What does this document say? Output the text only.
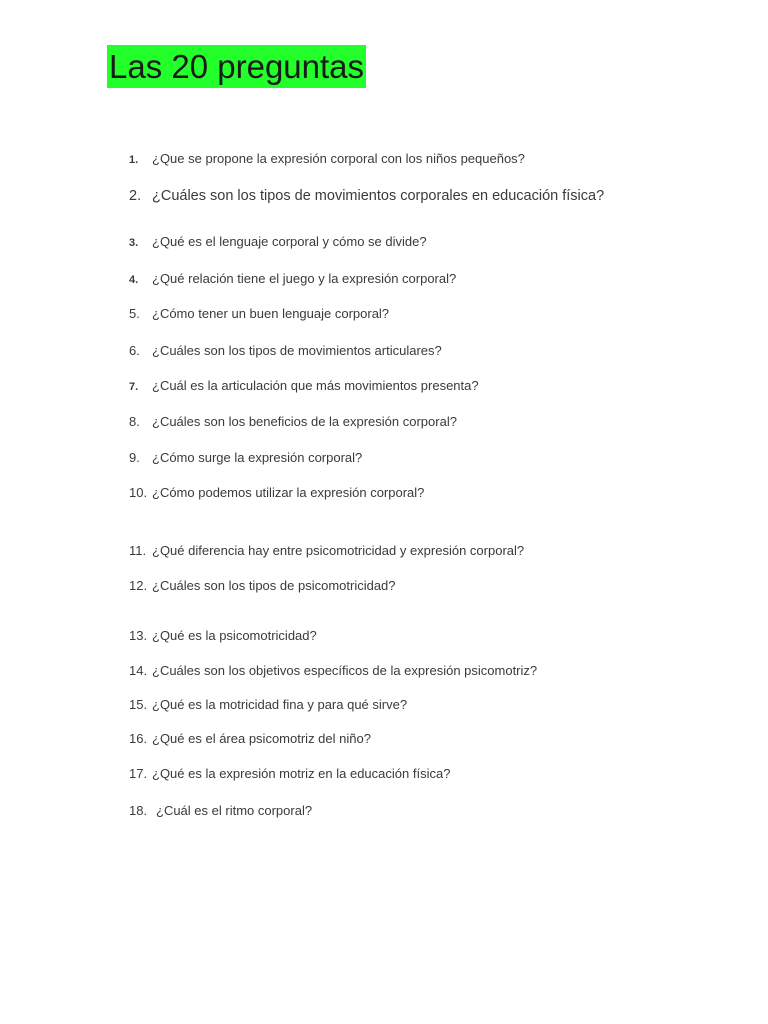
Las 20 preguntas
1. ¿Que se propone la expresión corporal con los niños pequeños?
2. ¿Cuáles son los tipos de movimientos corporales en educación física?
3. ¿Qué es el lenguaje corporal y cómo se divide?
4. ¿Qué relación tiene el juego y la expresión corporal?
5. ¿Cómo tener un buen lenguaje corporal?
6. ¿Cuáles son los tipos de movimientos articulares?
7. ¿Cuál es la articulación que más movimientos presenta?
8. ¿Cuáles son los beneficios de la expresión corporal?
9. ¿Cómo surge la expresión corporal?
10. ¿Cómo podemos utilizar la expresión corporal?
11. ¿Qué diferencia hay entre psicomotricidad y expresión corporal?
12. ¿Cuáles son los tipos de psicomotricidad?
13. ¿Qué es la psicomotricidad?
14. ¿Cuáles son los objetivos específicos de la expresión psicomotriz?
15. ¿Qué es la motricidad fina y para qué sirve?
16. ¿Qué es el área psicomotriz del niño?
17. ¿Qué es la expresión motriz en la educación física?
18. ¿Cuál es el ritmo corporal?
